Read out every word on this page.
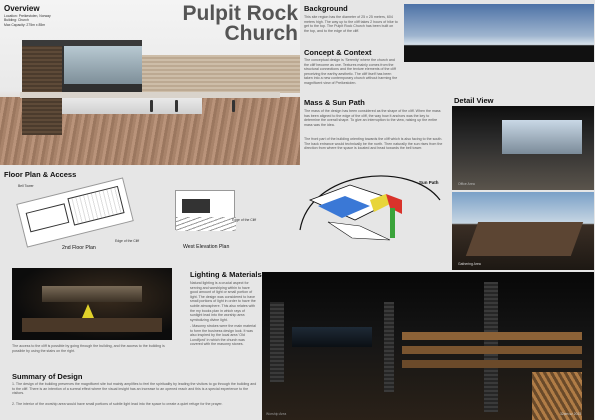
Overview
Location: Preikestolen, Norway
Building: Church
Max Capacity: 275m x 85m	Pulpit Rock
Church
Background
This site region has the diameter of 25 x 25 meters, 604 meters high. The way up to the cliff takes 2 hours of hike to get to the top. The Pulpit Rock Church has been built on the top, and to the edge of the cliff.
Concept & Context
The conceptual design is 'Serenity' where the church and the cliff become as one. Textures mainly comes from the structural connections and the texture elements of the cliff perceiving the earthy aesthetic. The cliff itself has been taken into a new contemporary church without harming the magnificent view of Preikestolen.
Mass & Sun Path
The mass of the design has been considered as the shape of the cliff. When the mass has been aligned to the edge of the cliff, the way how it anchors was the key to determine the overall shape. To give an interruption to the view, raising up the entire mass was the idea.
The front part of the building orienting towards the cliff which is also facing to the south. The back entrance would technically be the north. Then naturally the sun rises from the direction from where the space is located and head towards the bell tower.
Sun Path
Detail View
Office Area
Gathering Area
Floor Plan & Access
Bell Tower
Edge of the Cliff
2nd Floor Plan
Edge of the Cliff
West Elevation Plan
The access to the cliff is possible by going through the building, and the access to the building is possible by using the stairs on the right.
Lighting & Materials
Natural lighting is a crucial aspect for serving and worshiping within to have good amount of light or small portion of light. The design was considered to have small portions of light in order to have the subtle atmosphere. This also relates with the my books plan in which rays of sunlight lead into the worship area symbolizing divine light.
- Masonry strokes were the main material to form the business design look. It was also inspired by the local area 'Old Lundfjord' in which the church was covered with the masonry stones.
Worship Area
Summary of Design
1. The design of the building preserves the magnificent site but mainly amplifies to feel the spirituality by leading the visitors to go through the building and to the cliff. There is an intention of a surreal effect where the visual insight has an increase to an opened reach and this is a special experience to the visitors.
2. The interior of the worship area would have small portions of subtle light lead into the space to create a quiet refuge for the prayer.
32am sz 2013
